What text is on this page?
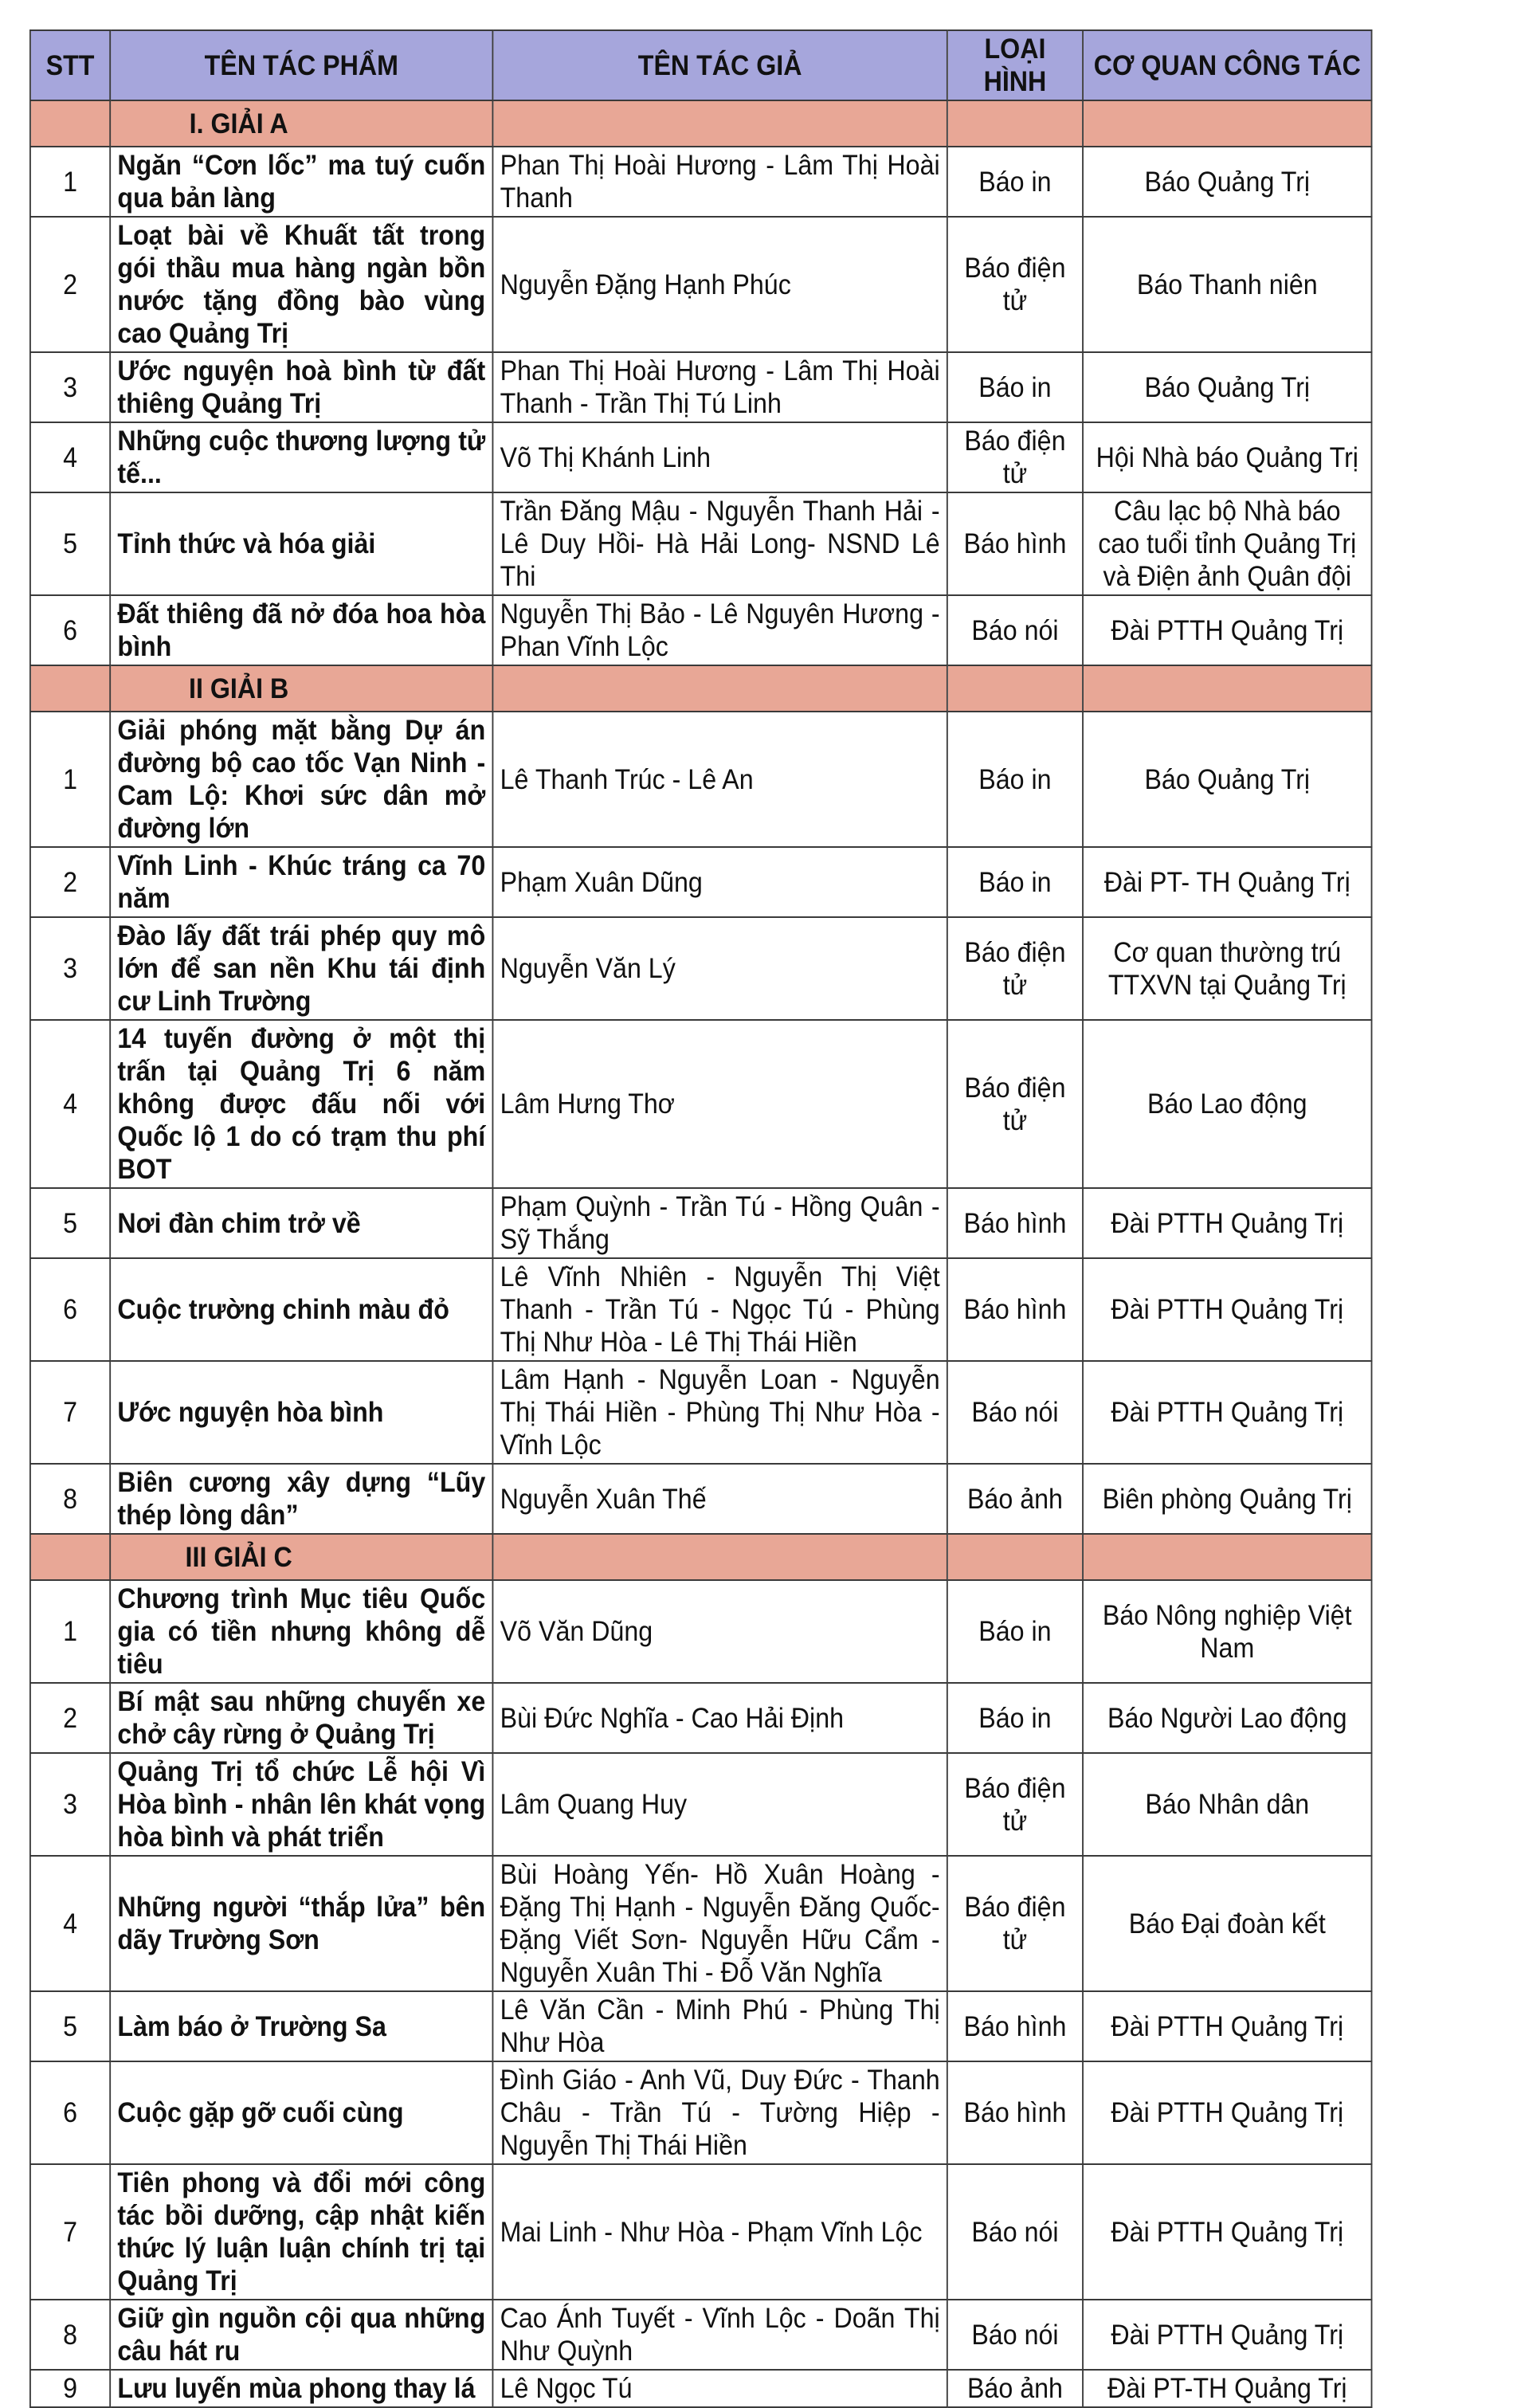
STT	TÊN TÁC PHẨM	TÊN TÁC GIẢ	LOẠI HÌNH	CƠ QUAN CÔNG TÁC
	I. GIẢI A			
1	Ngăn “Cơn lốc” ma tuý cuốn qua bản làng	Phan Thị Hoài Hương - Lâm Thị Hoài Thanh	Báo in	Báo Quảng Trị
2	Loạt bài về Khuất tất trong gói thầu mua hàng ngàn bồn nước tặng đồng bào vùng cao Quảng Trị	Nguyễn Đặng Hạnh Phúc	Báo điện tử	Báo Thanh niên
3	Ước nguyện hoà bình từ đất thiêng Quảng Trị	Phan Thị Hoài Hương - Lâm Thị Hoài Thanh - Trần Thị Tú Linh	Báo in	Báo Quảng Trị
4	Những cuộc thương lượng tử tế...	Võ Thị Khánh Linh	Báo điện tử	Hội Nhà báo Quảng Trị
5	Tỉnh thức và hóa giải	Trần Đăng Mậu - Nguyễn Thanh Hải - Lê Duy Hồi- Hà Hải Long- NSND Lê Thi	Báo hình	Câu lạc bộ Nhà báo cao tuổi tỉnh Quảng Trị và Điện ảnh Quân đội
6	Đất thiêng đã nở đóa hoa hòa bình	Nguyễn Thị Bảo - Lê Nguyên Hương - Phan Vĩnh Lộc	Báo nói	Đài PTTH Quảng Trị
	II GIẢI B			
1	Giải phóng mặt bằng Dự án đường bộ cao tốc Vạn Ninh - Cam Lộ: Khơi sức dân mở đường lớn	Lê Thanh Trúc - Lê An	Báo in	Báo Quảng Trị
2	Vĩnh Linh - Khúc tráng ca 70 năm	Phạm Xuân Dũng	Báo in	Đài PT- TH Quảng Trị
3	Đào lấy đất trái phép quy mô lớn để san nền Khu tái định cư Linh Trường	Nguyễn Văn Lý	Báo điện tử	Cơ quan thường trú TTXVN tại Quảng Trị
4	14 tuyến đường ở một thị trấn tại Quảng Trị 6 năm không được đấu nối với Quốc lộ 1 do có trạm thu phí BOT	Lâm Hưng Thơ	Báo điện tử	Báo Lao động
5	Nơi đàn chim trở về	Phạm Quỳnh - Trần Tú - Hồng Quân - Sỹ Thắng	Báo hình	Đài PTTH Quảng Trị
6	Cuộc trường chinh màu đỏ	Lê Vĩnh Nhiên - Nguyễn Thị Việt Thanh - Trần Tú - Ngọc Tú - Phùng Thị Như Hòa - Lê Thị Thái Hiền	Báo hình	Đài PTTH Quảng Trị
7	Ước nguyện hòa bình	Lâm Hạnh - Nguyễn Loan - Nguyễn Thị Thái Hiền - Phùng Thị Như Hòa - Vĩnh Lộc	Báo nói	Đài PTTH Quảng Trị
8	Biên cương xây dựng “Lũy thép lòng dân”	Nguyễn Xuân Thế	Báo ảnh	Biên phòng Quảng Trị
	III GIẢI C			
1	Chương trình Mục tiêu Quốc gia có tiền nhưng không dễ tiêu	Võ Văn Dũng	Báo in	Báo Nông nghiệp Việt Nam
2	Bí mật sau những chuyến xe chở cây rừng ở Quảng Trị	Bùi Đức Nghĩa - Cao Hải Định	Báo in	Báo Người Lao động
3	Quảng Trị tổ chức Lễ hội Vì Hòa bình - nhân lên khát vọng hòa bình và phát triển	Lâm Quang Huy	Báo điện tử	Báo Nhân dân
4	Những người “thắp lửa” bên dãy Trường Sơn	Bùi Hoàng Yến- Hồ Xuân Hoàng - Đặng Thị Hạnh - Nguyễn Đăng Quốc- Đặng Viết Sơn- Nguyễn Hữu Cẩm - Nguyễn Xuân Thi - Đỗ Văn Nghĩa	Báo điện tử	Báo Đại đoàn kết
5	Làm báo ở Trường Sa	Lê Văn Cần - Minh Phú - Phùng Thị Như Hòa	Báo hình	Đài PTTH Quảng Trị
6	Cuộc gặp gỡ cuối cùng	Đình Giáo - Anh Vũ, Duy Đức - Thanh Châu - Trần Tú - Tường Hiệp - Nguyễn Thị Thái Hiền	Báo hình	Đài PTTH Quảng Trị
7	Tiên phong và đổi mới công tác bồi dưỡng, cập nhật kiến thức lý luận luận chính trị tại Quảng Trị	Mai Linh - Như Hòa - Phạm Vĩnh Lộc	Báo nói	Đài PTTH Quảng Trị
8	Giữ gìn nguồn cội qua những câu hát ru	Cao Ánh Tuyết - Vĩnh Lộc - Doãn Thị Như Quỳnh	Báo nói	Đài PTTH Quảng Trị
9	Lưu luyến mùa phong thay lá	Lê Ngọc Tú	Báo ảnh	Đài PT-TH Quảng Trị
